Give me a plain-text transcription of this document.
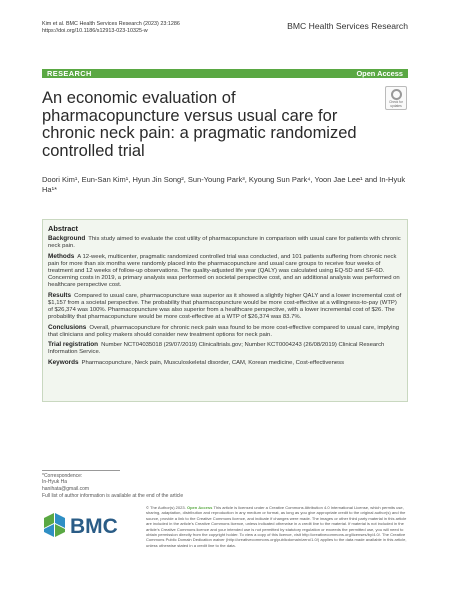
Kim et al. BMC Health Services Research (2023) 23:1286
https://doi.org/10.1186/s12913-023-10325-w	BMC Health Services Research
RESEARCH	Open Access
An economic evaluation of pharmacopuncture versus usual care for chronic neck pain: a pragmatic randomized controlled trial
Check for updates
Doori Kim¹, Eun-San Kim¹, Hyun Jin Song², Sun-Young Park³, Kyoung Sun Park⁴, Yoon Jae Lee¹ and In-Hyuk Ha¹*
Abstract

Background This study aimed to evaluate the cost utility of pharmacopuncture in comparison with usual care for patients with chronic neck pain.

Methods A 12-week, multicenter, pragmatic randomized controlled trial was conducted, and 101 patients suffering from chronic neck pain for more than six months were randomly placed into the pharmacopuncture and usual care groups to receive four weeks of treatment and 12 weeks of follow-up observations. The quality-adjusted life year (QALY) was calculated using EQ-5D and SF-6D. Concerning costs in 2019, a primary analysis was performed on societal perspective cost, and an additional analysis was performed on healthcare perspective cost.

Results Compared to usual care, pharmacopuncture was superior as it showed a slightly higher QALY and a lower incremental cost of $1,157 from a societal perspective. The probability that pharmacopuncture would be more cost-effective at a willingness-to-pay (WTP) of $26,374 was 100%. Pharmacopuncture was also superior from a healthcare perspective, with a lower incremental cost of $26. The probability that pharmacopuncture would be more cost-effective at a WTP of $26,374 was 83.7%.

Conclusions Overall, pharmacopuncture for chronic neck pain was found to be more cost-effective compared to usual care, implying that clinicians and policy makers should consider new treatment options for neck pain.

Trial registration Number NCT04035018 (29/07/2019) Clinicaltrials.gov; Number KCT0004243 (26/08/2019) Clinical Research Information Service.

Keywords Pharmacopuncture, Neck pain, Musculoskeletal disorder, CAM, Korean medicine, Cost-effectiveness

*Correspondence:
In-Hyuk Ha
hanihata@gmail.com
Full list of author information is available at the end of the article
BMC

© The Author(s) 2023. Open Access This article is licensed under a Creative Commons Attribution 4.0 International License, which permits use, sharing, adaptation, distribution and reproduction in any medium or format, as long as you give appropriate credit to the original author(s) and the source, provide a link to the Creative Commons licence, and indicate if changes were made. The images or other third party material in this article are included in the article's Creative Commons licence, unless indicated otherwise in a credit line to the material. If material is not included in the article's Creative Commons licence and your intended use is not permitted by statutory regulation or exceeds the permitted use, you will need to obtain permission directly from the copyright holder. To view a copy of this licence, visit http://creativecommons.org/licenses/by/4.0/. The Creative Commons Public Domain Dedication waiver (http://creativecommons.org/publicdomain/zero/1.0/) applies to the data made available in this article, unless otherwise stated in a credit line to the data.
